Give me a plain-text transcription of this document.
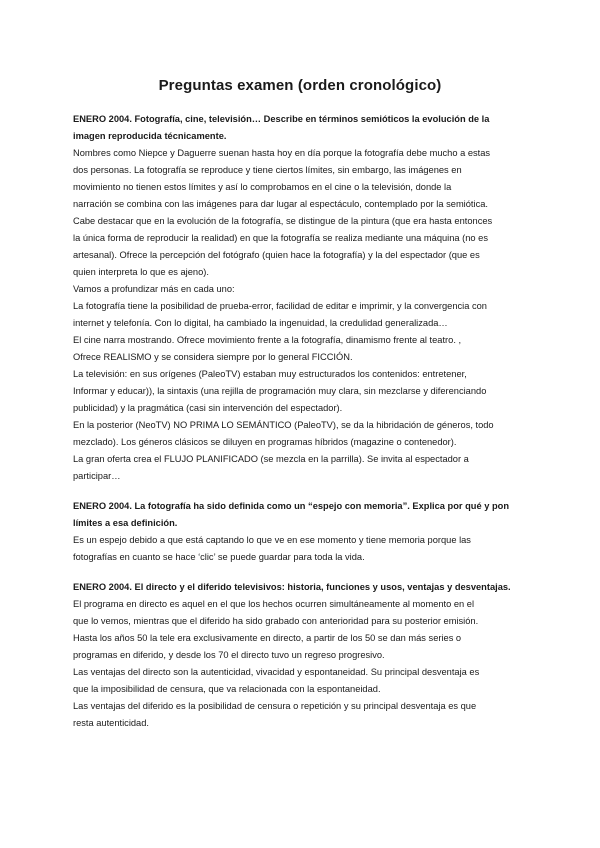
Preguntas examen (orden cronológico)

ENERO 2004. Fotografía, cine, televisión… Describe en términos semióticos la evolución de la
imagen reproducida técnicamente.

Nombres como Niepce y Daguerre suenan hasta hoy en día porque la fotografía debe mucho a estas

dos personas. La fotografía se reproduce y tiene ciertos límites, sin embargo, las imágenes en

movimiento no tienen estos límites y así lo comprobamos en el cine o la televisión, donde la

narración se combina con las imágenes para dar lugar al espectáculo, contemplado por la semiótica.

Cabe destacar que en la evolución de la fotografía, se distingue de la pintura (que era hasta entonces

la única forma de reproducir la realidad) en que la fotografía se realiza mediante una máquina (no es

artesanal). Ofrece la percepción del fotógrafo (quien hace la fotografía) y la del espectador (que es

quien interpreta lo que es ajeno).

Vamos a profundizar más en cada uno:

La fotografía tiene la posibilidad de prueba-error, facilidad de editar e imprimir, y la convergencia con

internet y telefonía. Con lo digital, ha cambiado la ingenuidad, la credulidad generalizada…

El cine narra mostrando. Ofrece movimiento frente a la fotografía, dinamismo frente al teatro. ,

Ofrece REALISMO y se considera siempre por lo general FICCIÓN.

La televisión: en sus orígenes (PaleoTV) estaban muy estructurados los contenidos: entretener,

Informar y educar)), la sintaxis (una rejilla de programación muy clara, sin mezclarse y diferenciando

publicidad) y la pragmática (casi sin intervención del espectador).

En la posterior (NeoTV) NO PRIMA LO SEMÁNTICO (PaleoTV), se da la hibridación de géneros, todo

mezclado). Los géneros clásicos se diluyen en programas híbridos (magazine o contenedor).

La gran oferta crea el FLUJO PLANIFICADO (se mezcla en la parrilla). Se invita al espectador a

participar…

ENERO 2004. La fotografía ha sido definida como un “espejo con memoria”. Explica por qué y pon
límites a esa definición.

Es un espejo debido a que está captando lo que ve en ese momento y tiene memoria porque las

fotografías en cuanto se hace ‘clic’ se puede guardar para toda la vida.

ENERO 2004. El directo y el diferido televisivos: historia, funciones y usos, ventajas y desventajas.

El programa en directo es aquel en el que los hechos ocurren simultáneamente al momento en el

que lo vemos, mientras que el diferido ha sido grabado con anterioridad para su posterior emisión.

Hasta los años 50 la tele era exclusivamente en directo, a partir de los 50 se dan más series o

programas en diferido, y desde los 70 el directo tuvo un regreso progresivo.

Las ventajas del directo son la autenticidad, vivacidad y espontaneidad. Su principal desventaja es

que la imposibilidad de censura, que va relacionada con la espontaneidad.

Las ventajas del diferido es la posibilidad de censura o repetición y su principal desventaja es que

resta autenticidad.
